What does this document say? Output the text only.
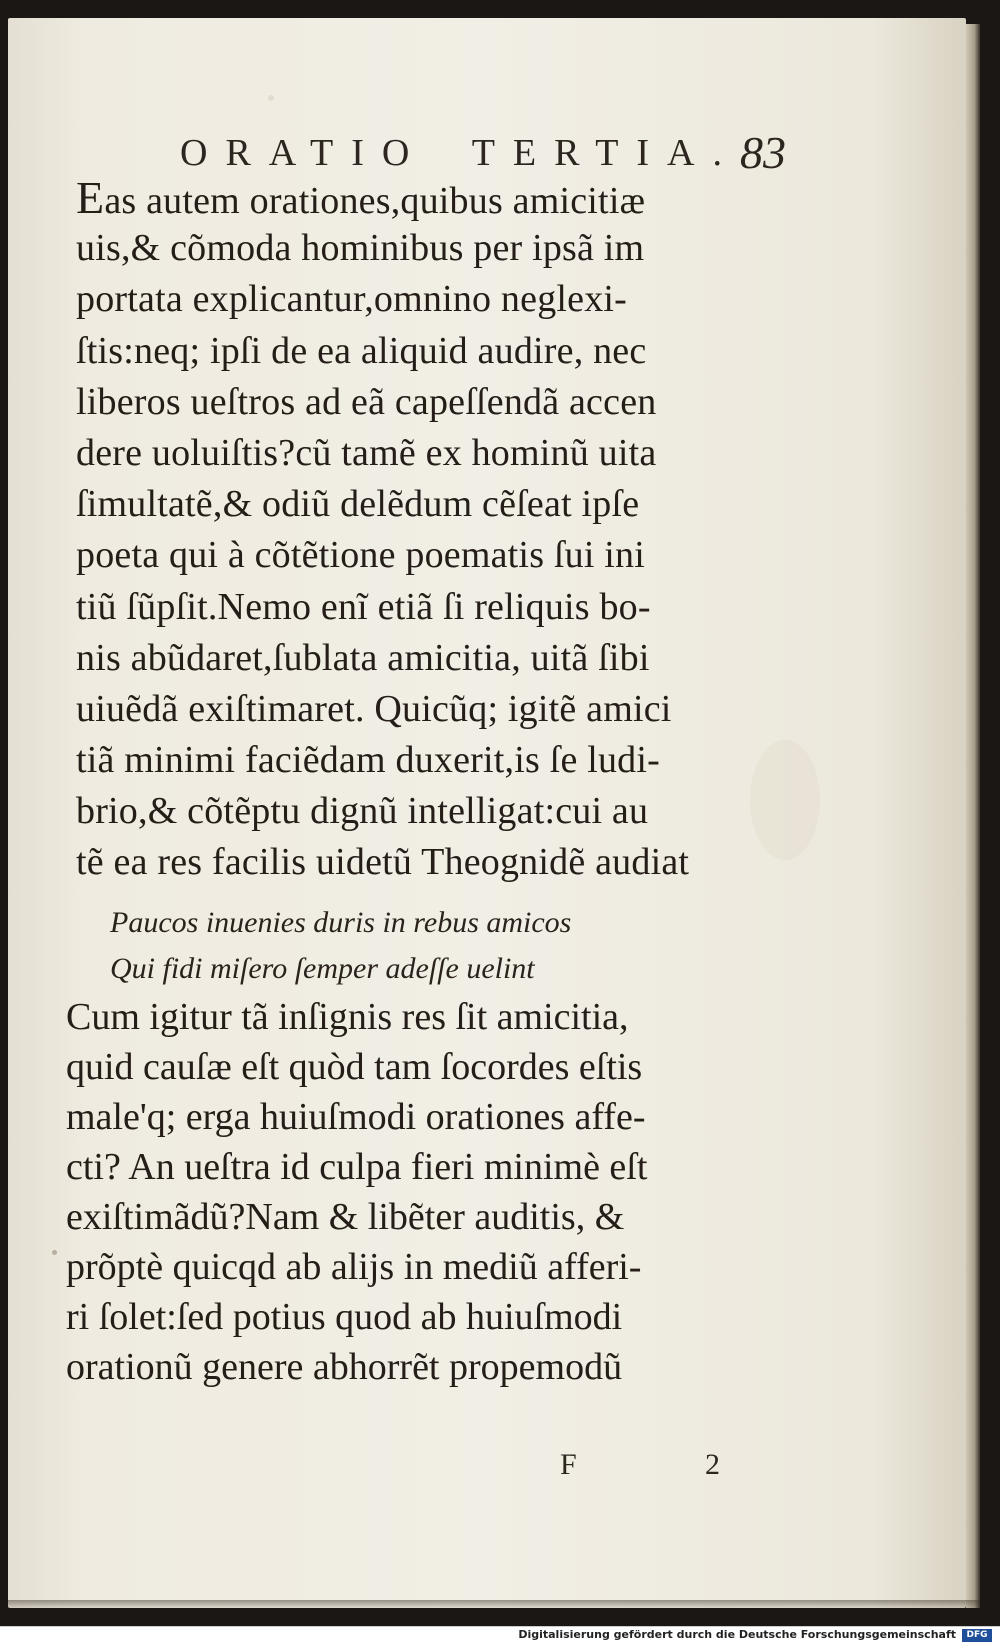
ORATIO TERTIA. 83
Eas autem orationes,quibus amicitiæ
uis,& cõmoda hominibus per ipsã im
portata explicantur,omnino neglexi-
ſtis:neq; ipſi de ea aliquid audire, nec
liberos ueſtros ad eã capeſſendã accen
dere uoluiſtis?cũ tamẽ ex hominũ uita
ſimultatẽ,& odiũ delẽdum cẽſeat ipſe
poeta qui à cõtẽtione poematis ſui ini
tiũ ſũpſit.Nemo enĩ etiã ſi reliquis bo-
nis abũdaret,ſublata amicitia, uitã ſibi
uiuẽdã exiſtimaret. Quicũq; igitẽ amici
tiã minimi faciẽdam duxerit,is ſe ludi-
brio,& cõtẽptu dignũ intelligat:cui au
tẽ ea res facilis uidetũ Theognidẽ audiat
Paucos inuenies duris in rebus amicos
Qui fidi miſero ſemper adeſſe uelint
Cum igitur tã inſignis res ſit amicitia,
quid cauſæ eſt quòd tam ſocordes eſtis
male'q; erga huiuſmodi orationes affe-
cti? An ueſtra id culpa fieri minimè eſt
exiſtimãdũ?Nam & libẽter auditis, &
prõptè quicqd ab alijs in mediũ afferi-
ri ſolet:ſed potius quod ab huiuſmodi
orationũ genere abhorrẽt propemodũ
F	2
Digitalisierung gefördert durch die Deutsche Forschungsgemeinschaft	DFG
